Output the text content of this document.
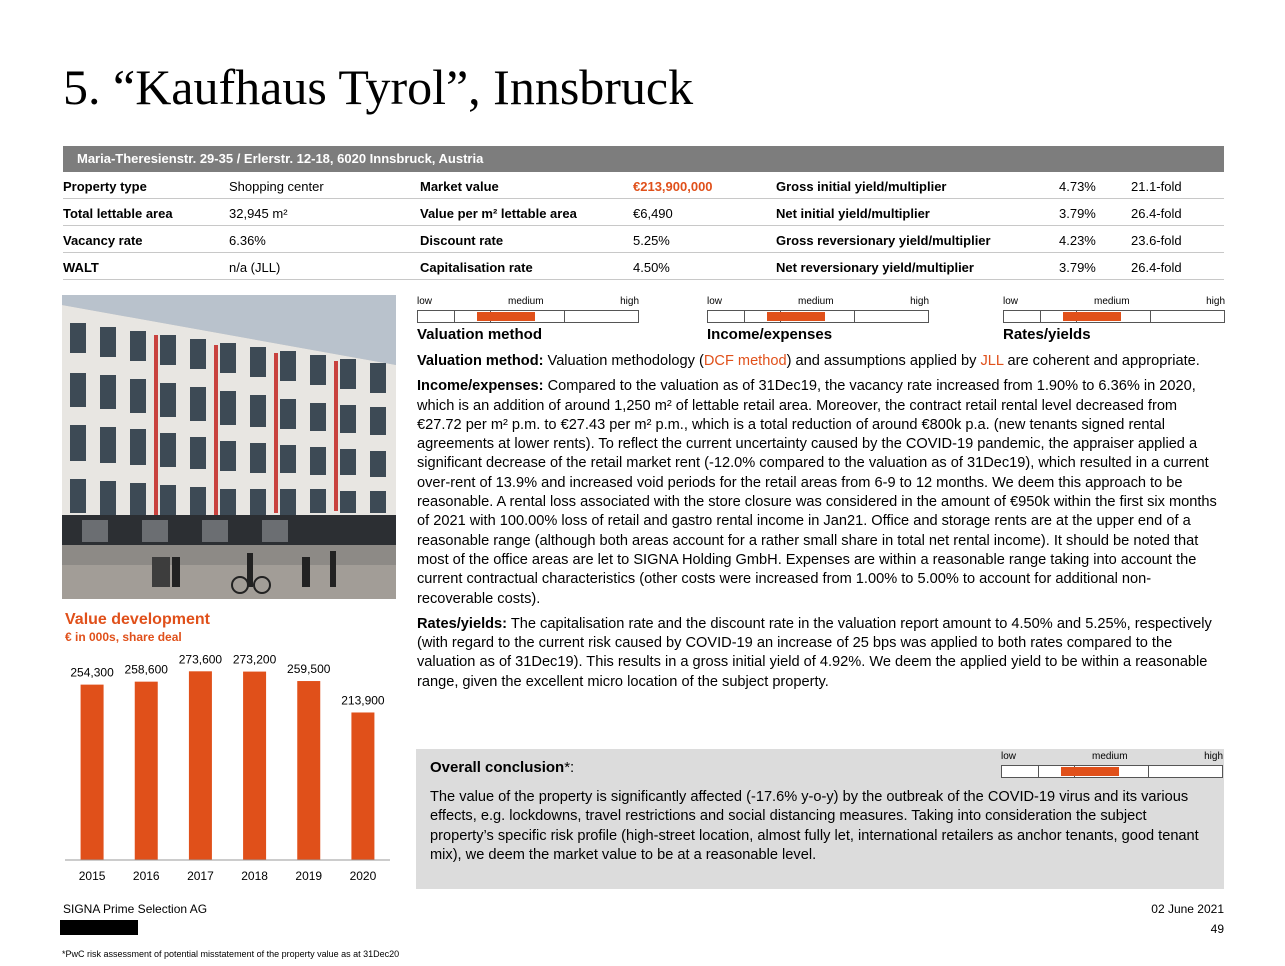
5. “Kaufhaus Tyrol”, Innsbruck
Maria-Theresienstr. 29-35 / Erlerstr. 12-18, 6020 Innsbruck, Austria
Property type	Shopping center	Market value	€213,900,000	Gross initial yield/multiplier	4.73%	21.1-fold
Total lettable area	32,945 m²	Value per m² lettable area	€6,490	Net initial yield/multiplier	3.79%	26.4-fold
Vacancy rate	6.36%	Discount rate	5.25%	Gross reversionary yield/multiplier	4.23%	23.6-fold
WALT	n/a (JLL)	Capitalisation rate	4.50%	Net reversionary yield/multiplier	3.79%	26.4-fold
Value development
€ in 000s, share deal
254,300
2015
258,600
2016
273,600
2017
273,200
2018
259,500
2019
213,900
2020
low	medium	high
Valuation method
low	medium	high
Income/expenses
low	medium	high
Rates/yields

Valuation method: Valuation methodology (DCF method) and assumptions applied by JLL are coherent and appropriate.

Income/expenses: Compared to the valuation as of 31Dec19, the vacancy rate increased from 1.90% to 6.36% in 2020, which is an addition of around 1,250 m² of lettable retail area. Moreover, the contract retail rental level decreased from €27.72 per m² p.m. to €27.43 per m² p.m., which is a total reduction of around €800k p.a. (new tenants signed rental agreements at lower rents). To reflect the current uncertainty caused by the COVID-19 pandemic, the appraiser applied a significant decrease of the retail market rent (-12.0% compared to the valuation as of 31Dec19), which resulted in a current over-rent of 13.9% and increased void periods for the retail areas from 6-9 to 12 months. We deem this approach to be reasonable. A rental loss associated with the store closure was considered in the amount of €950k within the first six months of 2021 with 100.00% loss of retail and gastro rental income in Jan21. Office and storage rents are at the upper end of a reasonable range (although both areas account for a rather small share in total net rental income). It should be noted that most of the office areas are let to SIGNA Holding GmbH. Expenses are within a reasonable range taking into account the current contractual characteristics (other costs were increased from 1.00% to 5.00% to account for additional non-recoverable costs).

Rates/yields: The capitalisation rate and the discount rate in the valuation report amount to 4.50% and 5.25%, respectively (with regard to the current risk caused by COVID-19 an increase of 25 bps was applied to both rates compared to the valuation as of 31Dec19). This results in a gross initial yield of 4.92%. We deem the applied yield to be within a reasonable range, given the excellent micro location of the subject property.

Overall conclusion*:
low	medium	high
The value of the property is significantly affected (-17.6% y-o-y) by the outbreak of the COVID-19 virus and its various effects, e.g. lockdowns, travel restrictions and social distancing measures. Taking into consideration the subject property’s specific risk profile (high-street location, almost fully let, international retailers as anchor tenants, good tenant mix), we deem the market value to be at a reasonable level.
SIGNA Prime Selection AG
*PwC risk assessment of potential misstatement of the property value as at 31Dec20
02 June 2021
49
